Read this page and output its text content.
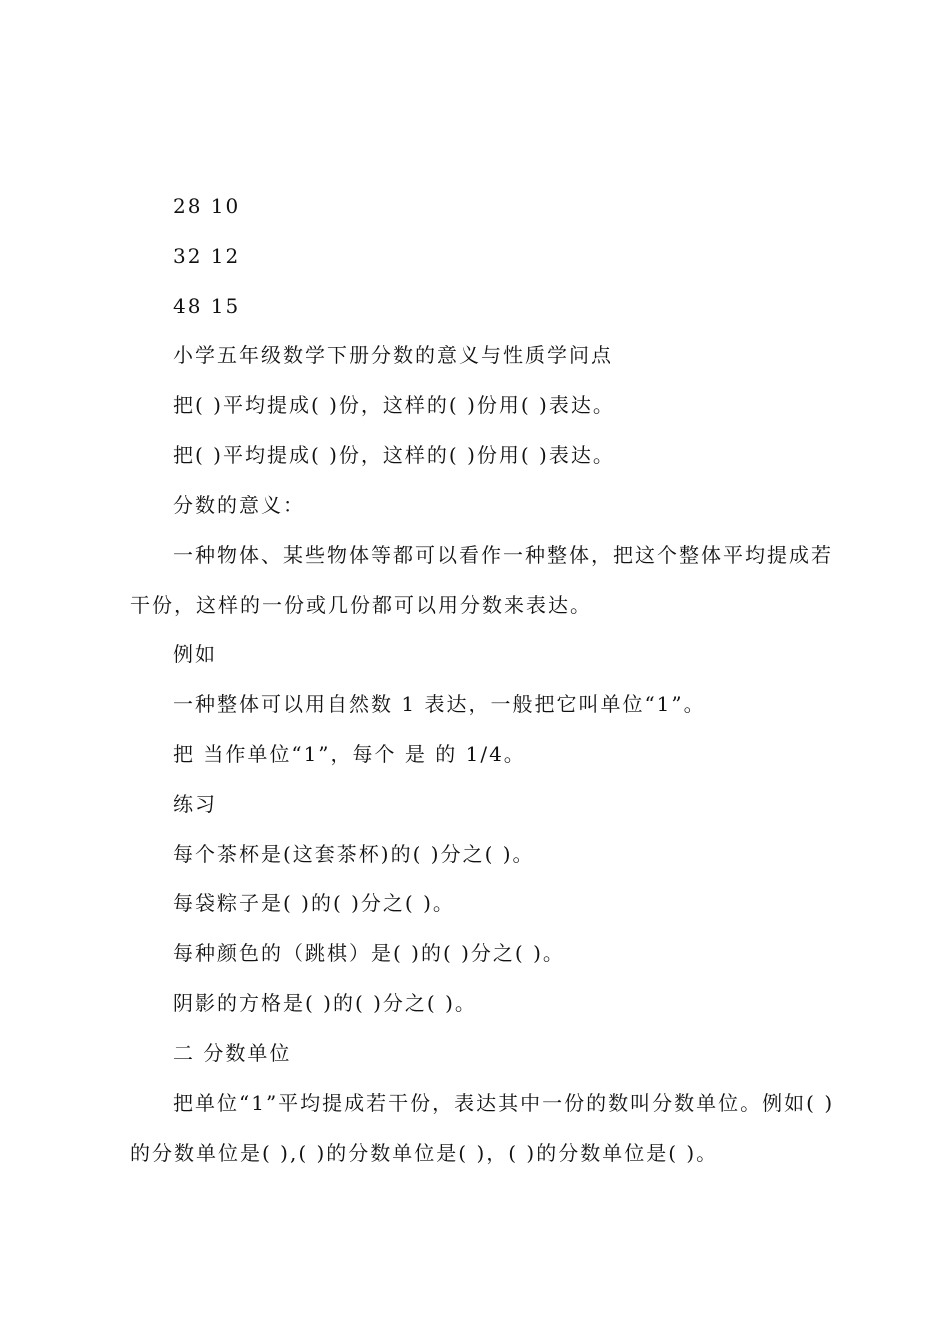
28 10
32 12
48 15
小学五年级数学下册分数的意义与性质学问点
把( )平均提成( )份，这样的( )份用( )表达。
把( )平均提成( )份，这样的( )份用( )表达。
分数的意义：
一种物体、某些物体等都可以看作一种整体，把这个整体平均提成若干份，这样的一份或几份都可以用分数来表达。
例如
一种整体可以用自然数 1 表达，一般把它叫单位“1”。
把 当作单位“1”，每个 是 的 1/4。
练习
每个茶杯是(这套茶杯)的( )分之( )。
每袋粽子是( )的( )分之( )。
每种颜色的（跳棋）是( )的( )分之( )。
阴影的方格是( )的( )分之( )。
二 分数单位
把单位“1”平均提成若干份，表达其中一份的数叫分数单位。例如( )的分数单位是( ),( )的分数单位是( )，( )的分数单位是( )。
